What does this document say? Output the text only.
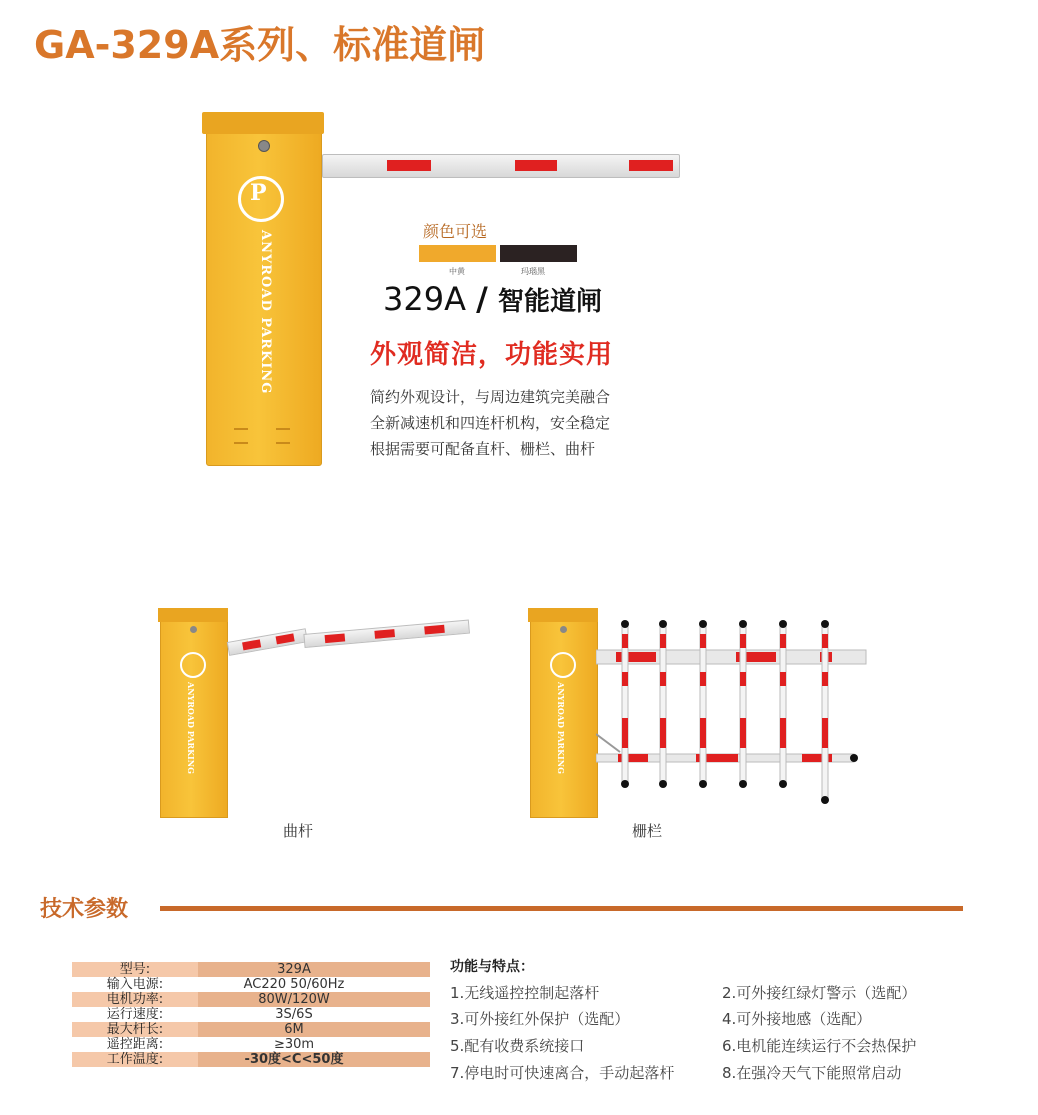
GA-329A系列、标准道闸
P
ANYROAD PARKING	颜色可选
中黄	玛瑙黑
329A / 智能道闸
外观简洁，功能实用
简约外观设计，与周边建筑完美融合
全新减速机和四连杆机构，安全稳定
根据需要可配备直杆、栅栏、曲杆
ANYROAD PARKING
曲杆
ANYROAD PARKING
栅栏
技术参数
型号:	329A
输入电源:	AC220 50/60Hz
电机功率:	80W/120W
运行速度:	3S/6S
最大杆长:	6M
遥控距离:	≥30m
工作温度:	-30度<C<50度
功能与特点：
1.无线遥控控制起落杆	2.可外接红绿灯警示（选配）
3.可外接红外保护（选配）	4.可外接地感（选配）
5.配有收费系统接口	6.电机能连续运行不会热保护
7.停电时可快速离合，手动起落杆	8.在强冷天气下能照常启动
